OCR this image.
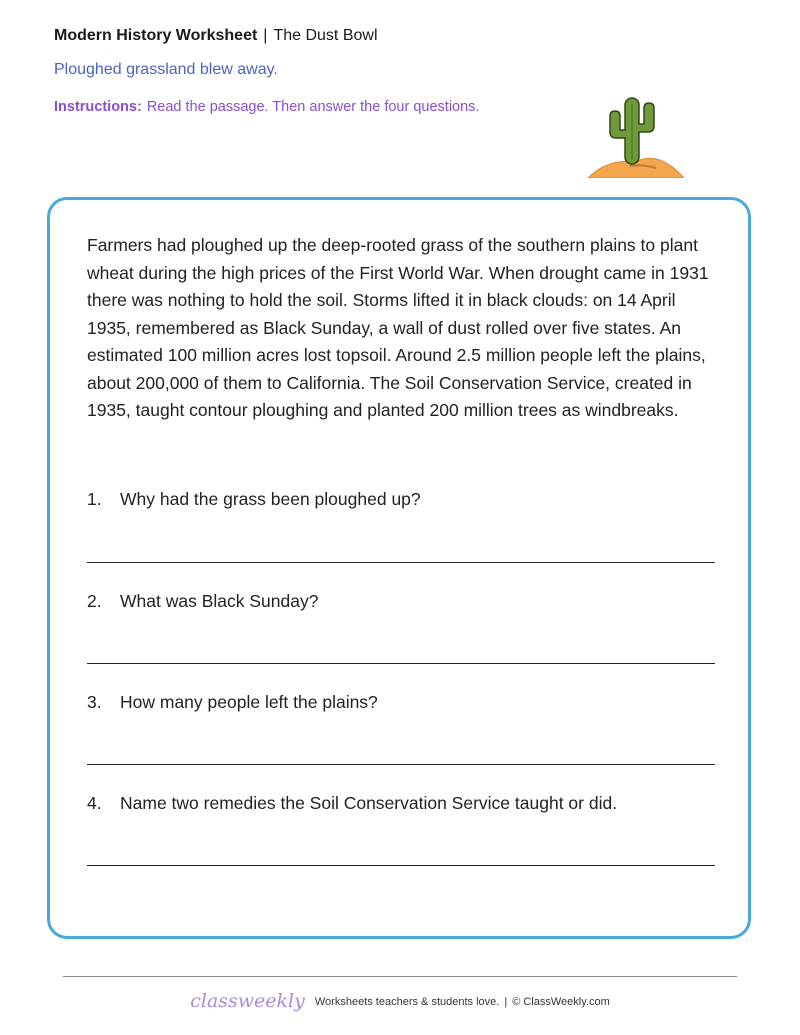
Modern History Worksheet | The Dust Bowl
Ploughed grassland blew away.
Instructions: Read the passage. Then answer the four questions.

Farmers had ploughed up the deep-rooted grass of the southern plains to plant wheat during the high prices of the First World War. When drought came in 1931 there was nothing to hold the soil. Storms lifted it in black clouds: on 14 April 1935, remembered as Black Sunday, a wall of dust rolled over five states. An estimated 100 million acres lost topsoil. Around 2.5 million people left the plains, about 200,000 of them to California. The Soil Conservation Service, created in 1935, taught contour ploughing and planted 200 million trees as windbreaks.

1. Why had the grass been ploughed up?
2. What was Black Sunday?
3. How many people left the plains?
4. Name two remedies the Soil Conservation Service taught or did.
classweekly Worksheets teachers & students love. | © ClassWeekly.com
